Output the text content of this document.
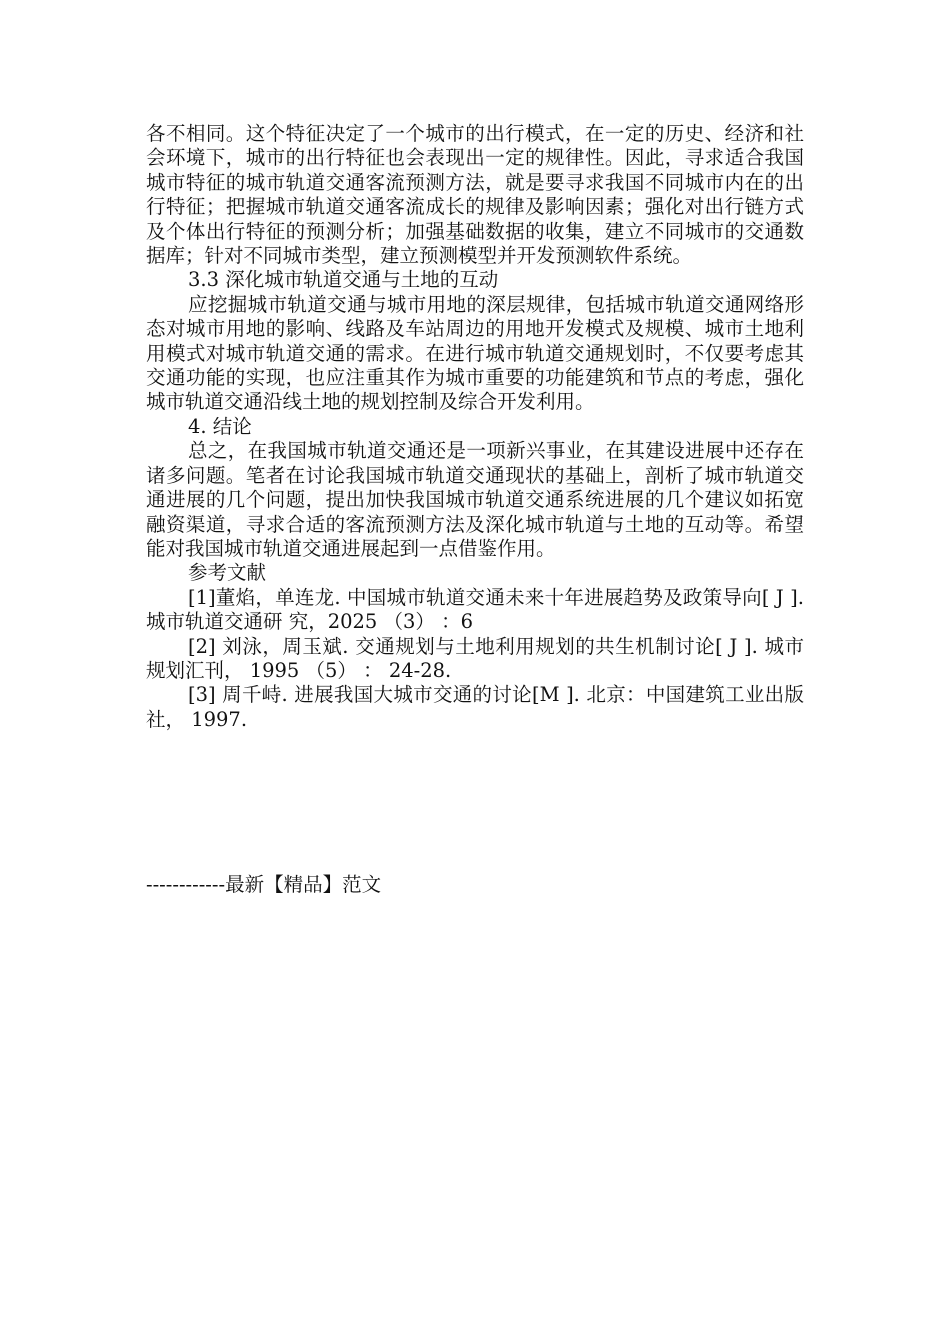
各不相同。这个特征决定了一个城市的出行模式，在一定的历史、经济和社会环境下，城市的出行特征也会表现出一定的规律性。因此，寻求适合我国城市特征的城市轨道交通客流预测方法，就是要寻求我国不同城市内在的出行特征；把握城市轨道交通客流成长的规律及影响因素；强化对出行链方式及个体出行特征的预测分析；加强基础数据的收集，建立不同城市的交通数据库；针对不同城市类型，建立预测模型并开发预测软件系统。

3.3 深化城市轨道交通与土地的互动

应挖掘城市轨道交通与城市用地的深层规律，包括城市轨道交通网络形态对城市用地的影响、线路及车站周边的用地开发模式及规模、城市土地利用模式对城市轨道交通的需求。在进行城市轨道交通规划时，不仅要考虑其交通功能的实现，也应注重其作为城市重要的功能建筑和节点的考虑，强化城市轨道交通沿线土地的规划控制及综合开发利用。

4. 结论

总之，在我国城市轨道交通还是一项新兴事业，在其建设进展中还存在诸多问题。笔者在讨论我国城市轨道交通现状的基础上，剖析了城市轨道交通进展的几个问题，提出加快我国城市轨道交通系统进展的几个建议如拓宽融资渠道，寻求合适的客流预测方法及深化城市轨道与土地的互动等。希望能对我国城市轨道交通进展起到一点借鉴作用。

参考文献

[1]董焰，单连龙. 中国城市轨道交通未来十年进展趋势及政策导向[ J ].城市轨道交通研 究，2025 （3） ：6

[2] 刘泳，周玉斌. 交通规划与土地利用规划的共生机制讨论[ J ]. 城市规划汇刊， 1995 （5） ： 24-28.

[3] 周千峙. 进展我国大城市交通的讨论[M ]. 北京：中国建筑工业出版社， 1997.

------------最新【精品】范文
